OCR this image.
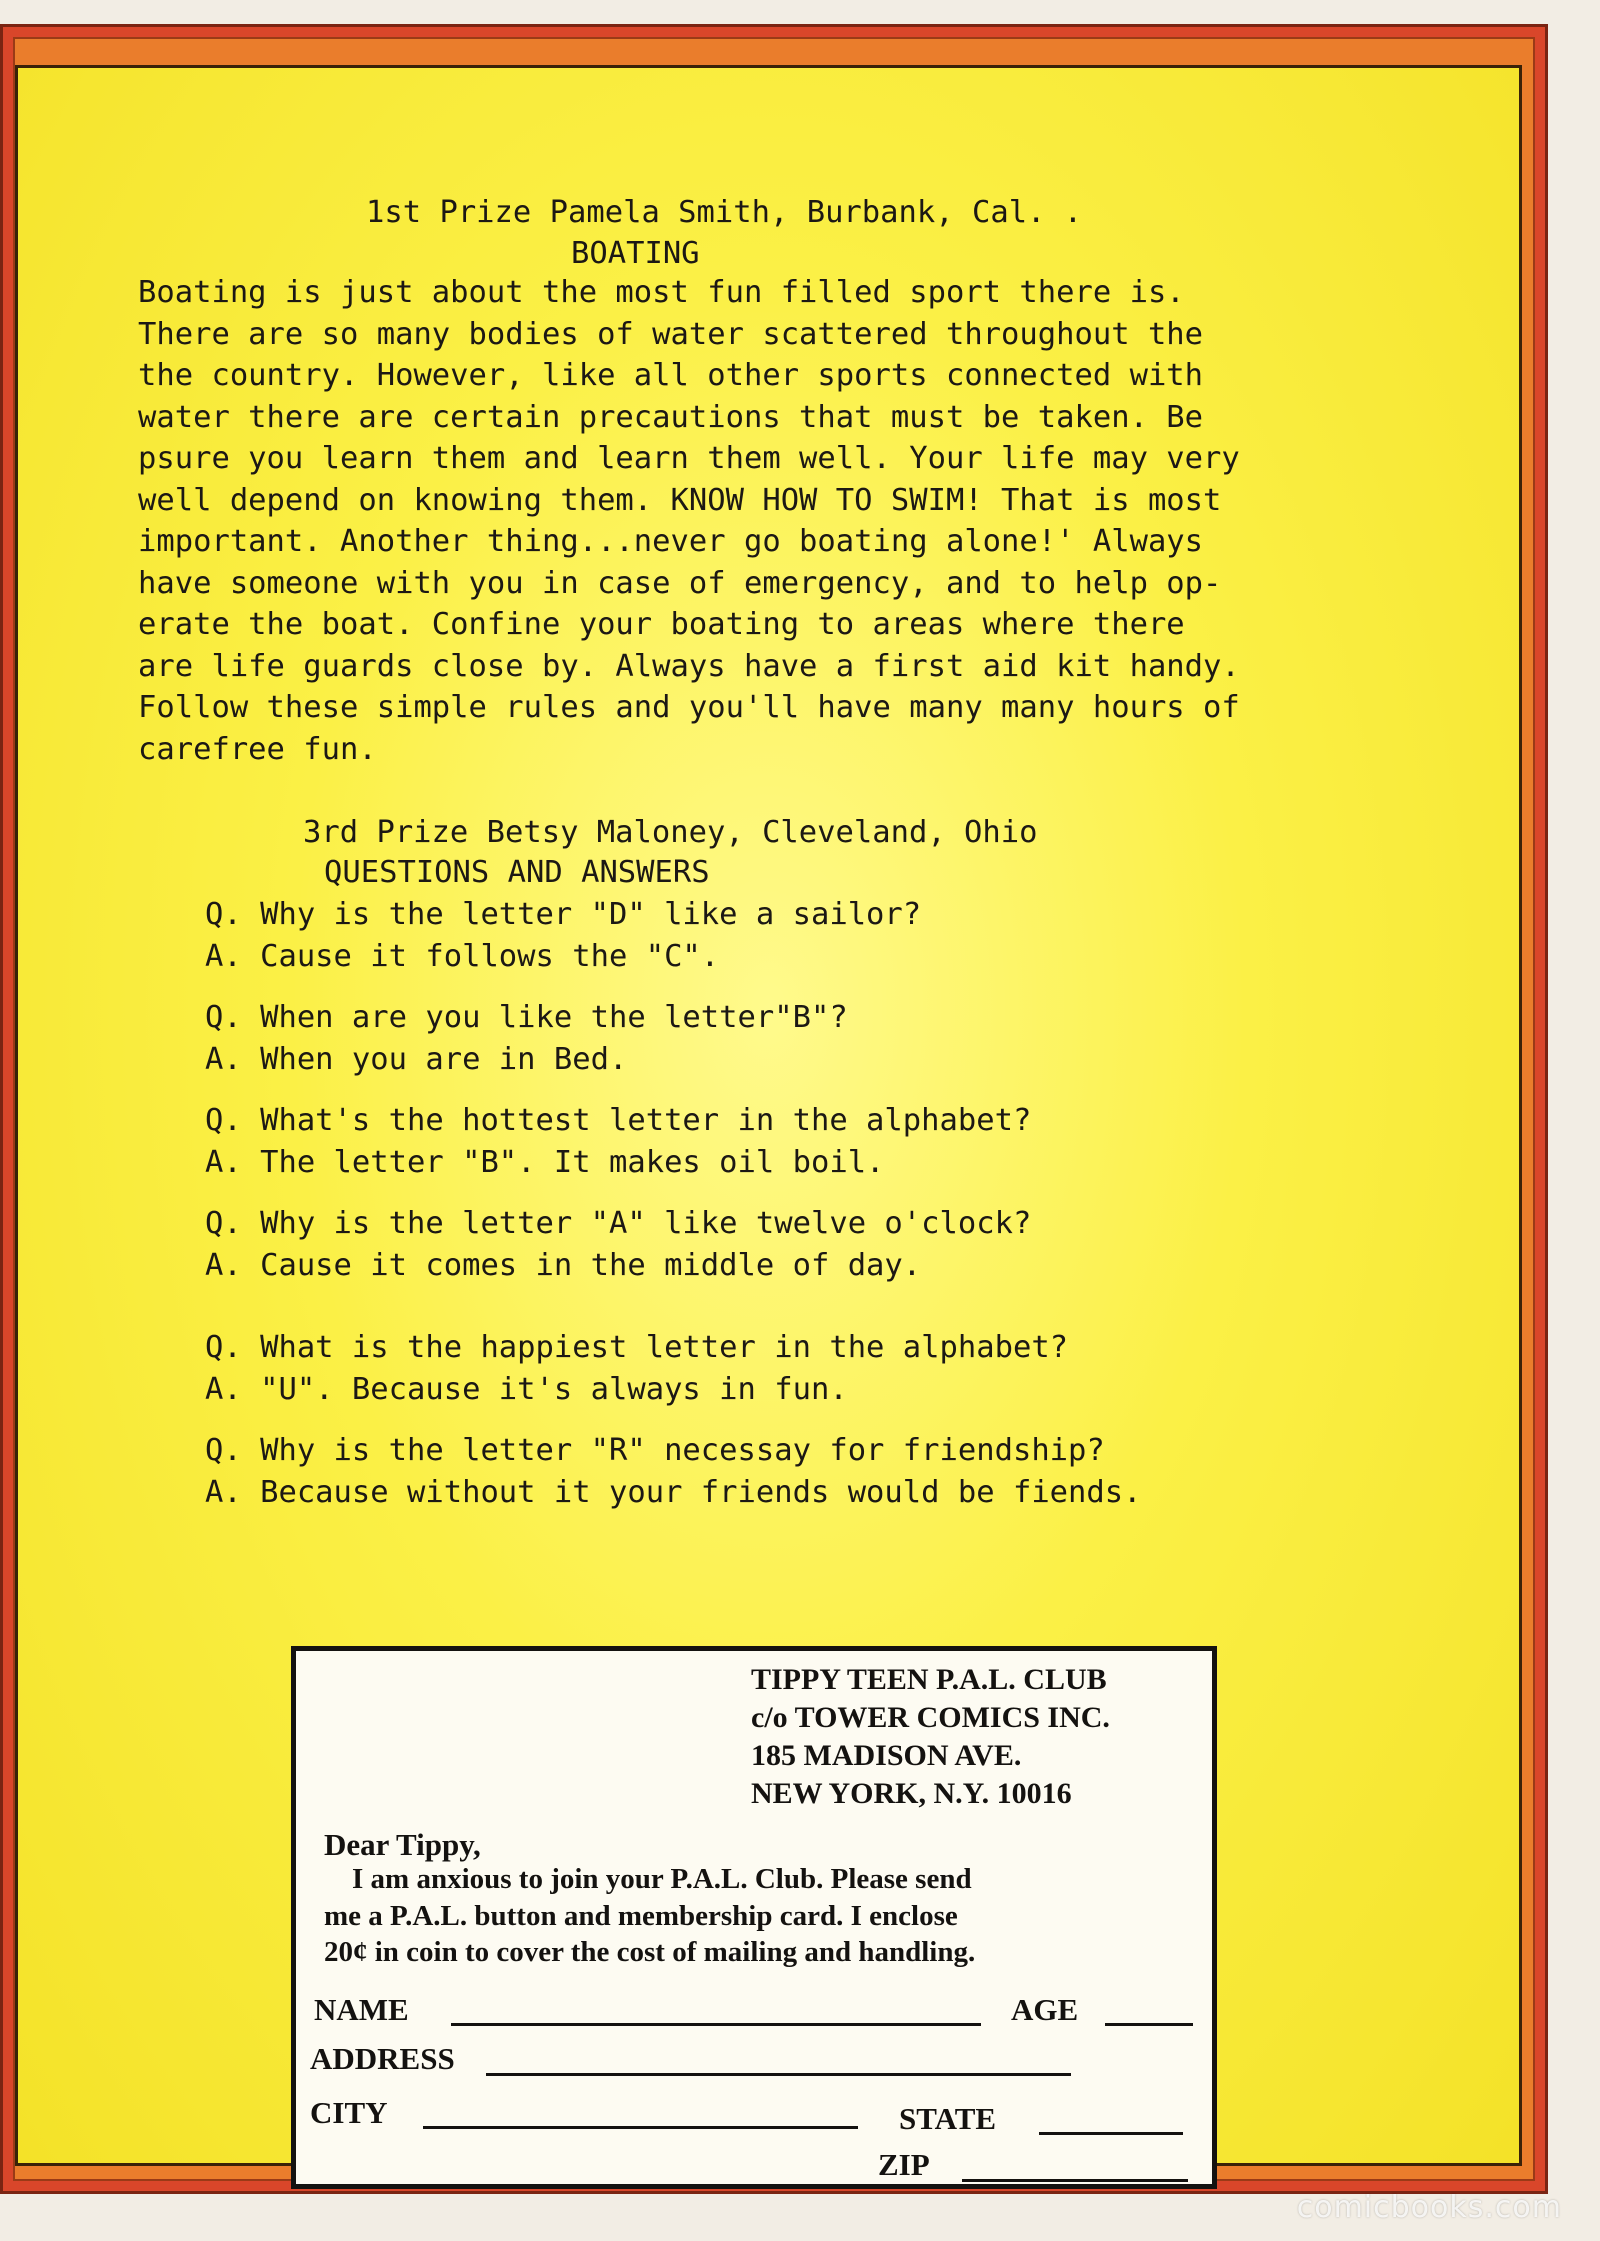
1st Prize Pamela Smith, Burbank, Cal. .
BOATING
Boating is just about the most fun filled sport there is.
There are so many bodies of water scattered throughout the
the country. However, like all other sports connected with
water there are certain precautions that must be taken. Be
psure you learn them and learn them well. Your life may very
well depend on knowing them. KNOW HOW TO SWIM! That is most
important. Another thing...never go boating alone!' Always
have someone with you in case of emergency, and to help op-
erate the boat. Confine your boating to areas where there
are life guards close by. Always have a first aid kit handy.
Follow these simple rules and you'll have many many hours of
carefree fun.
3rd Prize Betsy Maloney, Cleveland, Ohio
QUESTIONS AND ANSWERS
Q. Why is the letter "D" like a sailor?
A. Cause it follows the "C".
Q. When are you like the letter"B"?
A. When you are in Bed.
Q. What's the hottest letter in the alphabet?
A. The letter "B". It makes oil boil.
Q. Why is the letter "A" like twelve o'clock?
A. Cause it comes in the middle of day.
Q. What is the happiest letter in the alphabet?
A. "U". Because it's always in fun.
Q. Why is the letter "R" necessay for friendship?
A. Because without it your friends would be fiends.
TIPPY TEEN P.A.L. CLUB
c/o TOWER COMICS INC.
185 MADISON AVE.
NEW YORK, N.Y. 10016
Dear Tippy,
I am anxious to join your P.A.L. Club. Please send
me a P.A.L. button and membership card. I enclose
20¢ in coin to cover the cost of mailing and handling.
NAME	AGE
ADDRESS
CITY	STATE
ZIP
comicbooks.com
